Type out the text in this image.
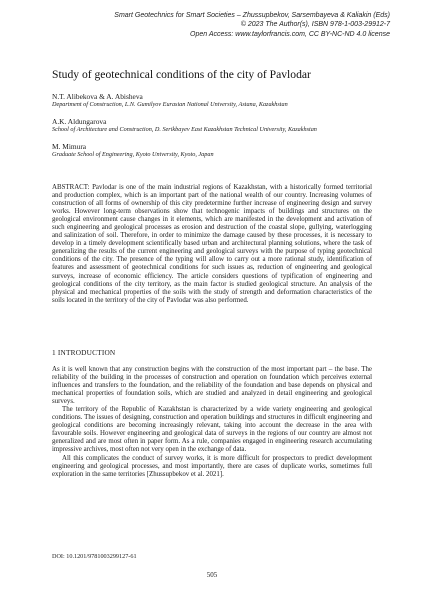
Smart Geotechnics for Smart Societies – Zhussupbekov, Sarsembayeva & Kaliakin (Eds)
© 2023 The Author(s), ISBN 978-1-003-29912-7
Open Access: www.taylorfrancis.com, CC BY-NC-ND 4.0 license
Study of geotechnical conditions of the city of Pavlodar
N.T. Alibekova & A. Abisheva
Department of Construction, L.N. Gumilyov Eurasian National University, Astana, Kazakhstan
A.K. Aldungarova
School of Architecture and Construction, D. Serikbayev East Kazakhstan Technical University, Kazakhstan
M. Mimura
Graduate School of Engineering, Kyoto University, Kyoto, Japan
ABSTRACT: Pavlodar is one of the main industrial regions of Kazakhstan, with a historically formed territorial and production complex, which is an important part of the national wealth of our country. Increasing volumes of construction of all forms of ownership of this city predetermine further increase of engineering design and survey works. However long-term observations show that technogenic impacts of buildings and structures on the geological environment cause changes in it elements, which are manifested in the development and activation of such engineering and geological processes as erosion and destruction of the coastal slope, gullying, waterlogging and salinization of soil. Therefore, in order to minimize the damage caused by these processes, it is necessary to develop in a timely development scientifically based urban and architectural planning solutions, where the task of generalizing the results of the current engineering and geological surveys with the purpose of typing geotechnical conditions of the city. The presence of the typing will allow to carry out a more rational study, identification of features and assessment of geotechnical conditions for such issues as, reduction of engineering and geological surveys, increase of economic efficiency. The article considers questions of typification of engineering and geological conditions of the city territory, as the main factor is studied geological structure. An analysis of the physical and mechanical properties of the soils with the study of strength and deformation characteristics of the soils located in the territory of the city of Pavlodar was also performed.
1 INTRODUCTION

As it is well known that any construction begins with the construction of the most important part – the base. The reliability of the building in the processes of construction and operation on foundation which perceives external influences and transfers to the foundation, and the reliability of the foundation and base depends on physical and mechanical properties of foundation soils, which are studied and analyzed in detail engineering and geological surveys.

The territory of the Republic of Kazakhstan is characterized by a wide variety engineering and geological conditions. The issues of designing, construction and operation buildings and structures in difficult engineering and geological conditions are becoming increasingly relevant, taking into account the decrease in the area with favourable soils. However engineering and geological data of surveys in the regions of our country are almost not generalized and are most often in paper form. As a rule, companies engaged in engineering research accumulating impressive archives, most often not very open in the exchange of data.

All this complicates the conduct of survey works, it is more difficult for prospectors to predict development engineering and geological processes, and most importantly, there are cases of duplicate works, sometimes full exploration in the same territories [Zhussupbekov et al. 2021].

DOI: 10.1201/9781003299127-61
505
